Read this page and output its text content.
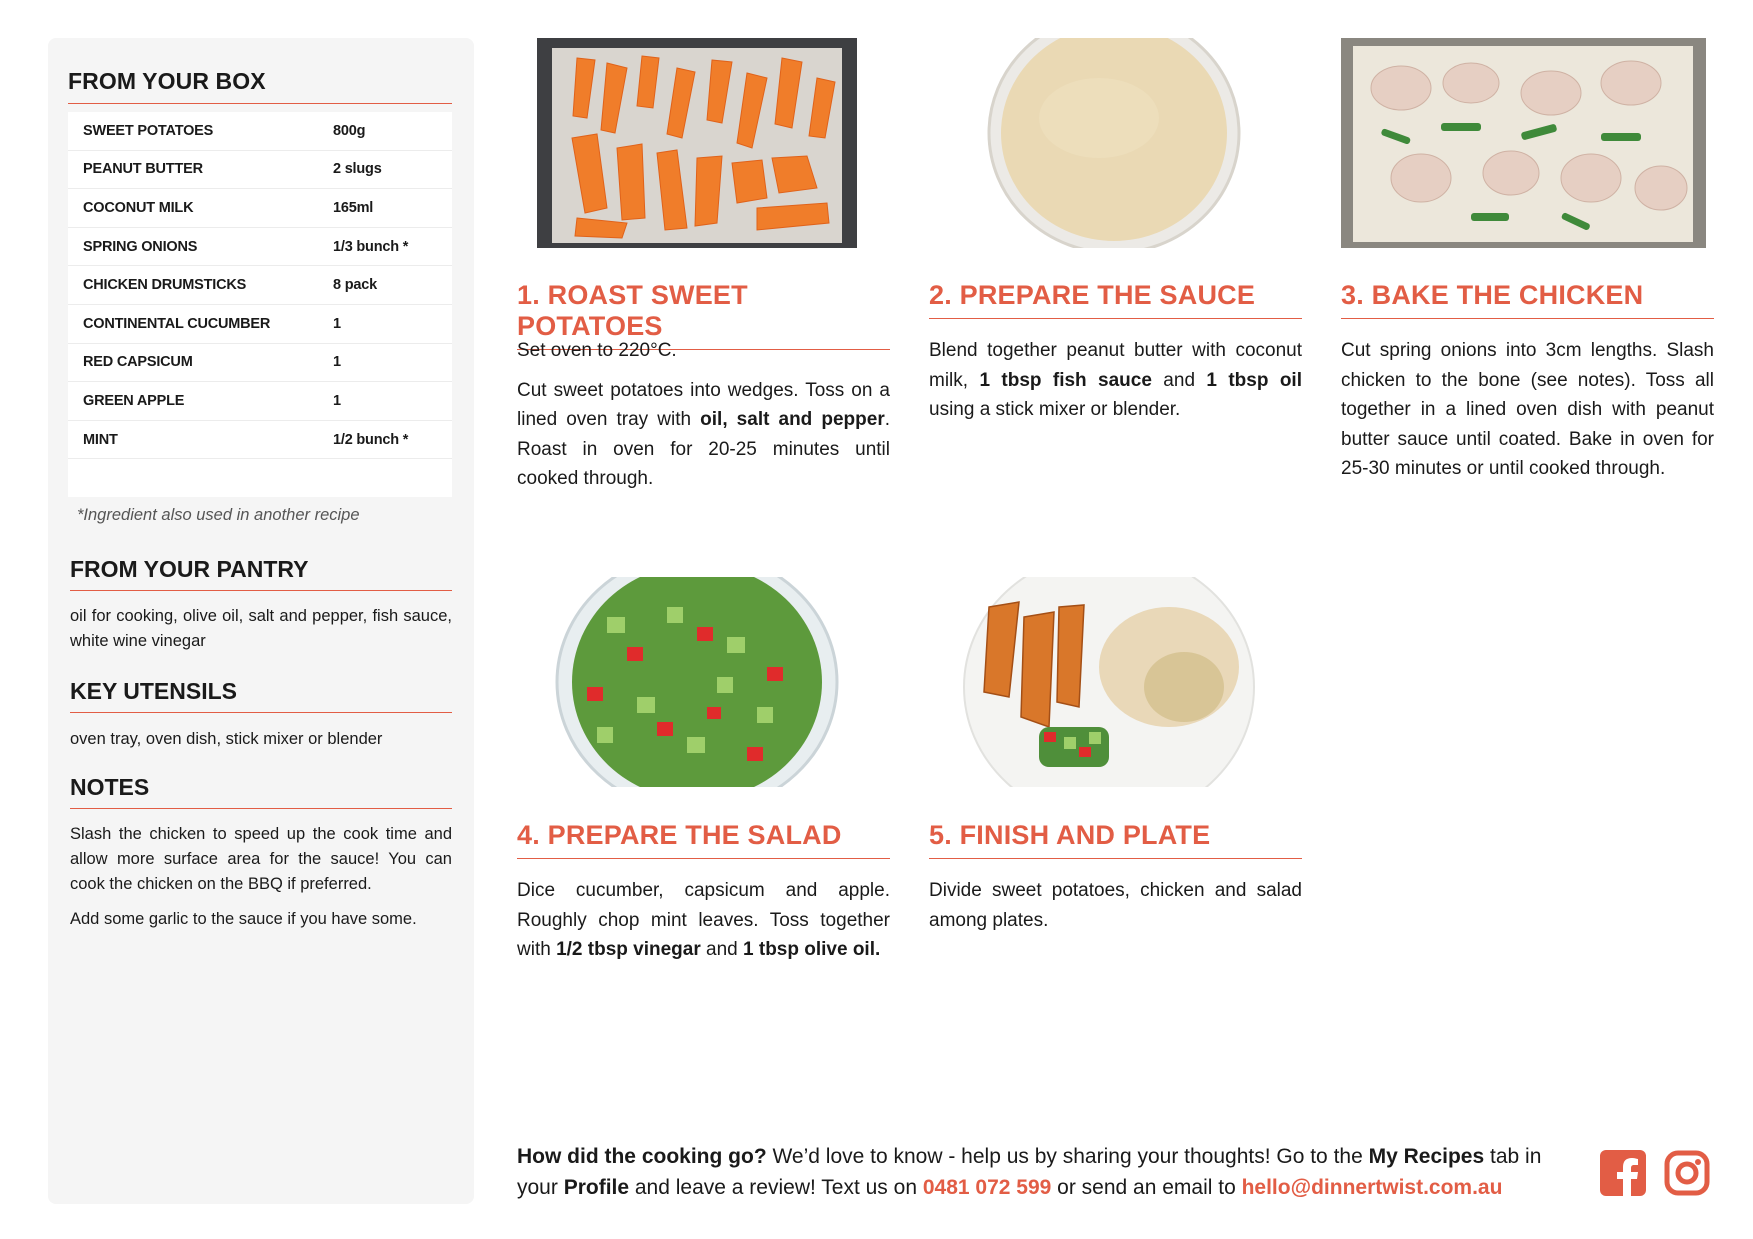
FROM YOUR BOX
SWEET POTATOES	800g
PEANUT BUTTER	2 slugs
COCONUT MILK	165ml
SPRING ONIONS	1/3 bunch *
CHICKEN DRUMSTICKS	8 pack
CONTINENTAL CUCUMBER	1
RED CAPSICUM	1
GREEN APPLE	1
MINT	1/2 bunch *

*Ingredient also used in another recipe
FROM YOUR PANTRY
oil for cooking, olive oil, salt and pepper, fish sauce, white wine vinegar
KEY UTENSILS
oven tray, oven dish, stick mixer or blender
NOTES

Slash the chicken to speed up the cook time and allow more surface area for the sauce! You can cook the chicken on the BBQ if preferred.

Add some garlic to the sauce if you have some.

1. ROAST SWEET POTATOES

Set oven to 220°C.

Cut sweet potatoes into wedges. Toss on a lined oven tray with oil, salt and pepper. Roast in oven for 20-25 minutes until cooked through.

2. PREPARE THE SAUCE

Blend together peanut butter with coconut milk, 1 tbsp fish sauce and 1 tbsp oil using a stick mixer or blender.

3. BAKE THE CHICKEN

Cut spring onions into 3cm lengths. Slash chicken to the bone (see notes). Toss all together in a lined oven dish with peanut butter sauce until coated. Bake in oven for 25-30 minutes or until cooked through.

4. PREPARE THE SALAD

Dice cucumber, capsicum and apple. Roughly chop mint leaves. Toss together with 1/2 tbsp vinegar and 1 tbsp olive oil.

5. FINISH AND PLATE

Divide sweet potatoes, chicken and salad among plates.

How did the cooking go? We’d love to know - help us by sharing your thoughts! Go to the My Recipes tab in your Profile and leave a review! Text us on 0481 072 599 or send an email to hello@dinnertwist.com.au
